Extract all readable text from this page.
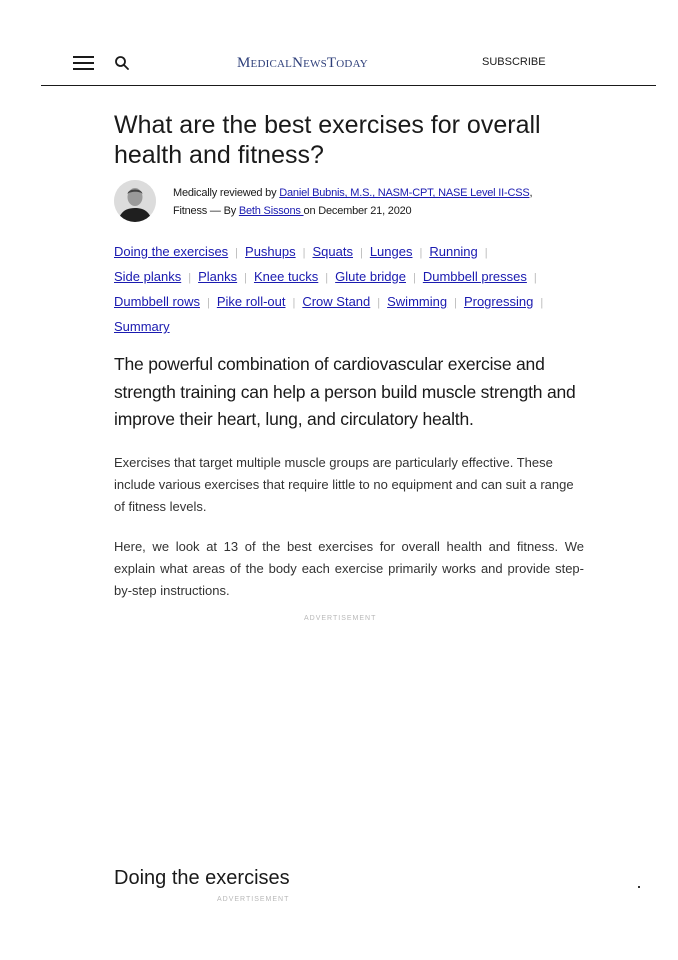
MedicalNewsToday	SUBSCRIBE
What are the best exercises for overall health and fitness?
Medically reviewed by Daniel Bubnis, M.S., NASM-CPT, NASE Level II-CSS,
Fitness — By Beth Sissons on December 21, 2020
Doing the exercises | Pushups | Squats | Lunges | Running |
Side planks | Planks | Knee tucks | Glute bridge | Dumbbell presses |
Dumbbell rows | Pike roll-out | Crow Stand | Swimming | Progressing |
Summary

The powerful combination of cardiovascular exercise and strength training can help a person build muscle strength and improve their heart, lung, and circulatory health.

Exercises that target multiple muscle groups are particularly effective. These include various exercises that require little to no equipment and can suit a range of fitness levels.

Here, we look at 13 of the best exercises for overall health and fitness. We explain what areas of the body each exercise primarily works and provide step-by-step instructions.

ADVERTISEMENT
Doing the exercises
ADVERTISEMENT
